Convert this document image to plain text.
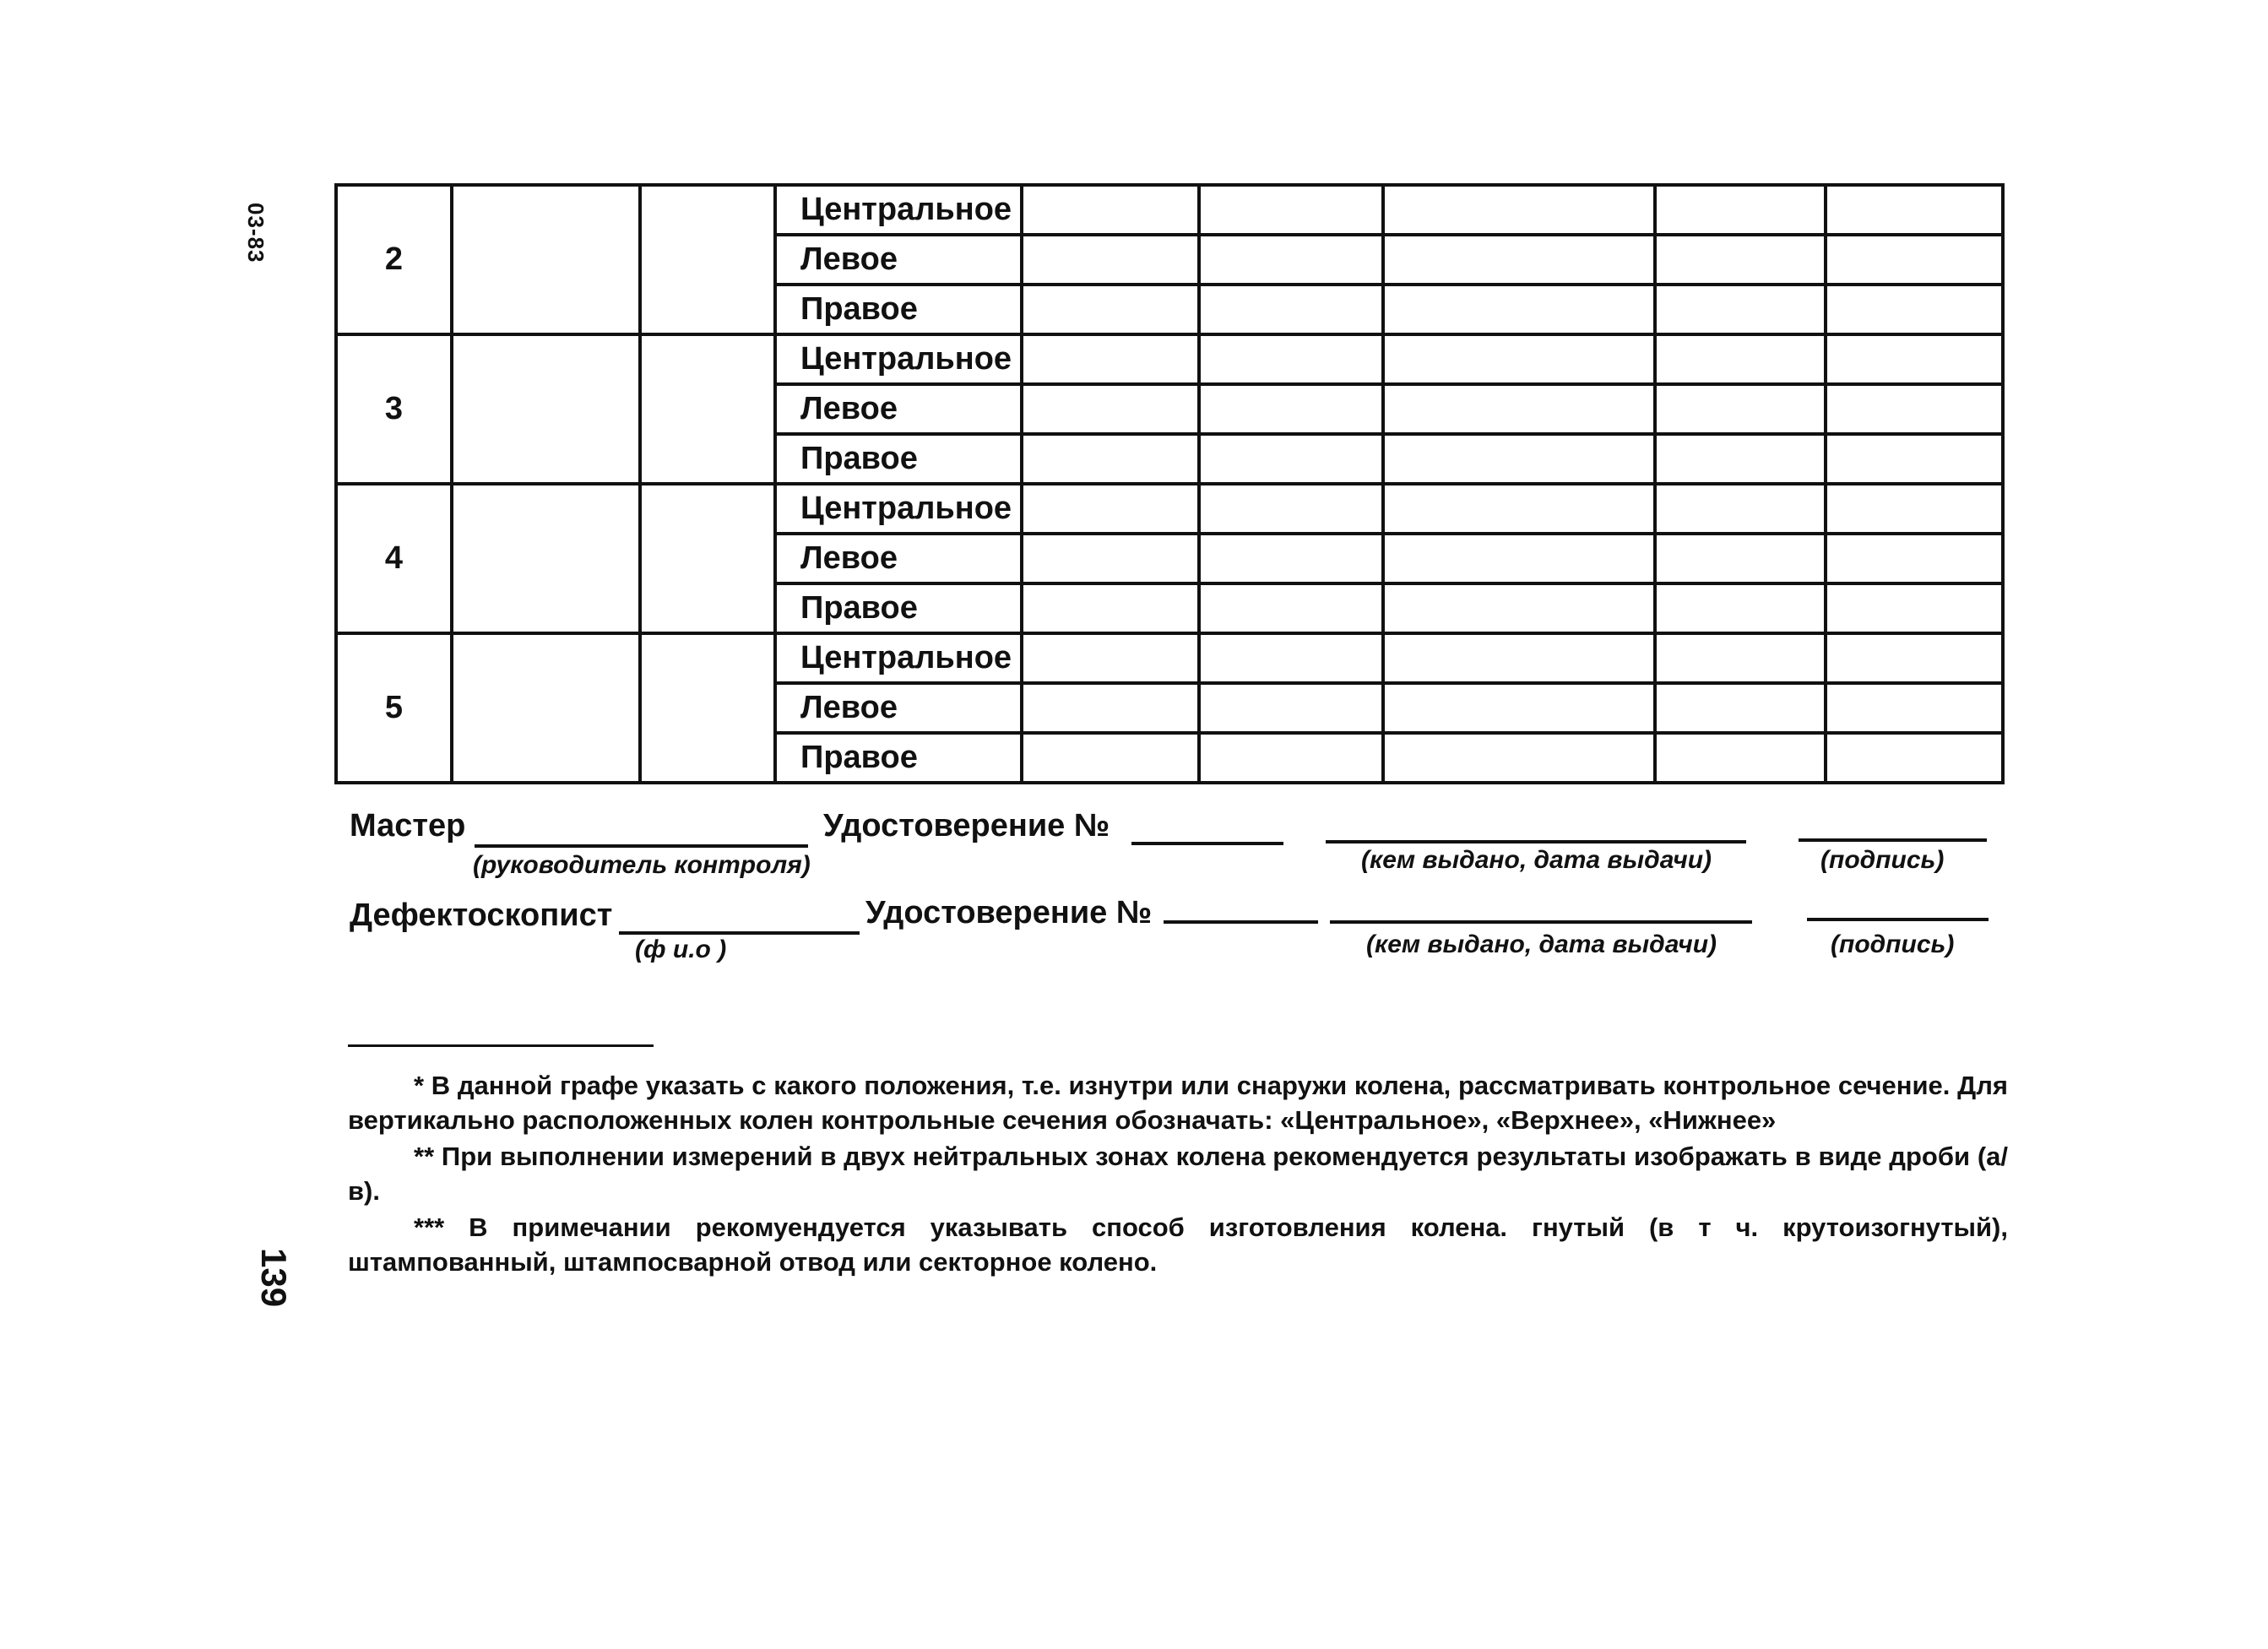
03-83
139
2			Центральное					
			Левое					
			Правое					
3			Центральное					
			Левое					
			Правое					
4			Центральное					
			Левое					
			Правое					
5			Центральное					
			Левое					
			Правое					
Мастер
(руководитель контроля)
Удостоверение №
(кем выдано, дата выдачи)	(подпись)
Дефектоскопист
(ф и.о )
Удостоверение №
(кем выдано, дата выдачи)	(подпись)
* В данной графе указать с какого положения, т.е. изнутри или снаружи колена, рассматривать контрольное сечение. Для вертикально расположенных колен контрольные сечения обозначать: «Центральное», «Верхнее», «Нижнее»
** При выполнении измерений в двух нейтральных зонах колена рекомендуется результаты изображать в виде дроби (а/в).
*** В примечании рекомуендуется указывать способ изготовления колена. гнутый (в т ч. крутоизогнутый), штампованный, штампосварной отвод или секторное колено.
